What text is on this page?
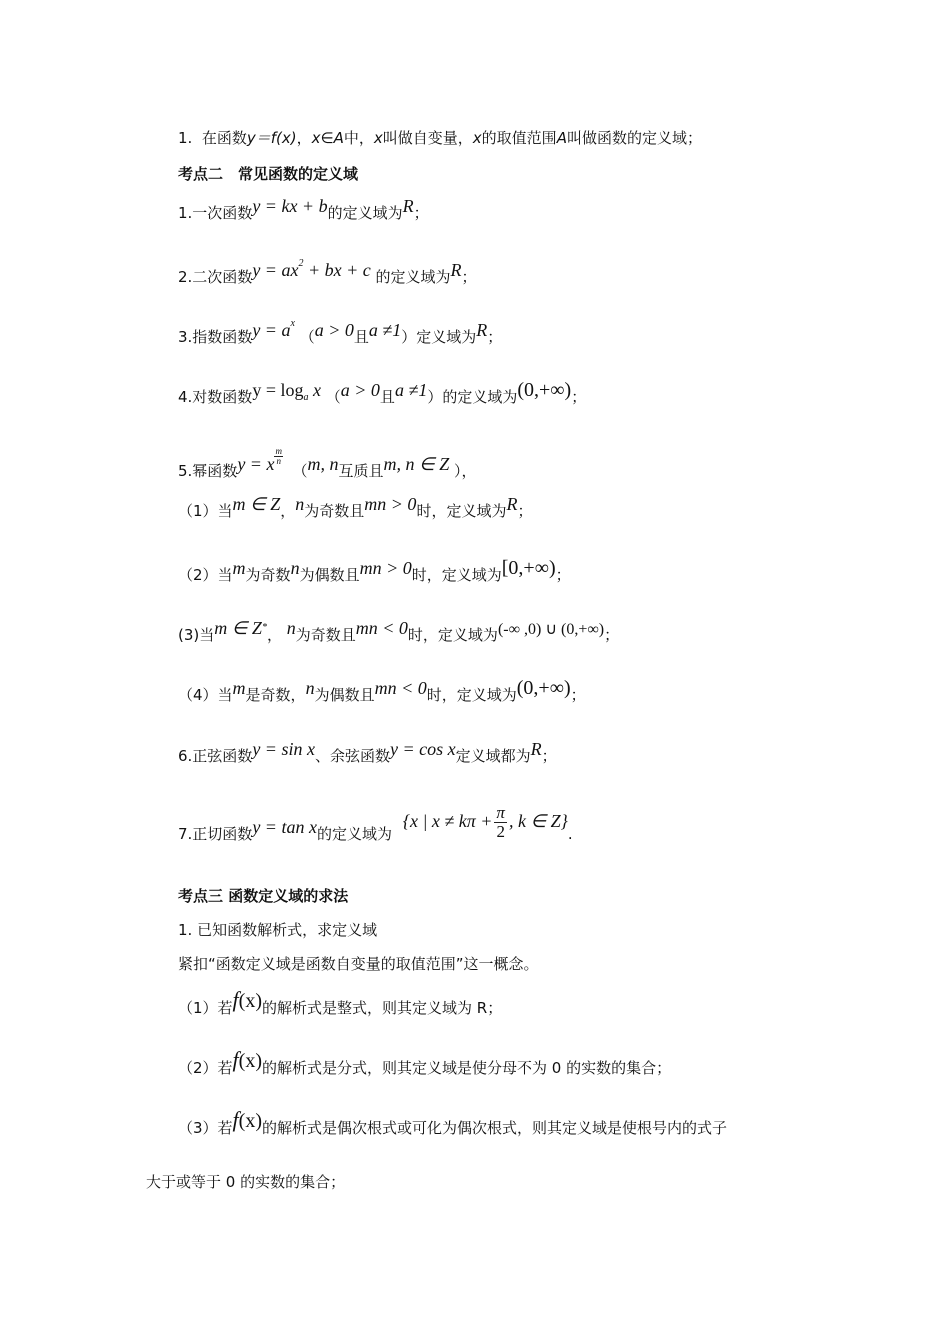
1. 在函数y＝f(x)，x∈A中，x叫做自变量，x的取值范围A叫做函数的定义域；
考点二　常见函数的定义域
1.一次函数y = kx + b的定义域为R；
2.二次函数$y = ax^2$ + bx + c 的定义域为R；
3.指数函数$y = a^x$ （a > 0且a ≠1）定义域为R；
4.对数函数$y = \log_a x$ （a > 0且a ≠1）的定义域为(0,+∞)；
5.幂函数y = x $\frac{m}{n}$
（m, n互质且m, n ∈ Z ），
（1）当m ∈ Z，n为奇数且mn > 0时，定义域为R；
（2）当m为奇数n为偶数且mn > 0时，定义域为[0,+∞)；
(3)当m ∈ Z*， n为奇数且mn < 0时，定义域为(-∞ ,0) ∪ (0,+∞)；
（4）当m是奇数，n为偶数且mn < 0时，定义域为(0,+∞)；
6.正弦函数y = sin x、余弦函数y = cos x定义域都为R；
7.正切函数y = tan x的定义域为 {x | $x \ne k\pi + \frac{\pi}{2}$ , k ∈ Z}.
考点三 函数定义域的求法
1. 已知函数解析式，求定义域
紧扣“函数定义域是函数自变量的取值范围”这一概念。
（1）若f(x)的解析式是整式，则其定义域为 R；
（2）若f(x)的解析式是分式，则其定义域是使分母不为 0 的实数的集合；
（3）若f(x)的解析式是偶次根式或可化为偶次根式，则其定义域是使根号内的式子
大于或等于 0 的实数的集合；
